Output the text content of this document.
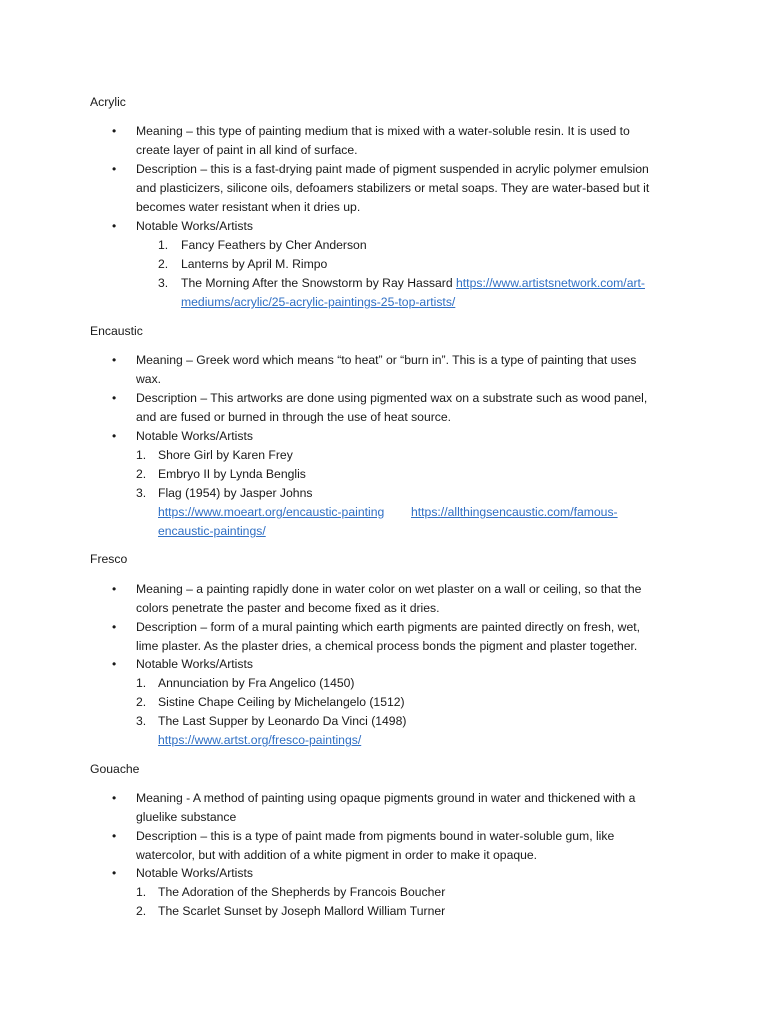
Acrylic
• Meaning – this type of painting medium that is mixed with a water-soluble resin. It is used to
create layer of paint in all kind of surface.
• Description – this is a fast-drying paint made of pigment suspended in acrylic polymer emulsion
and plasticizers, silicone oils, defoamers stabilizers or metal soaps. They are water-based but it
becomes water resistant when it dries up.
• Notable Works/Artists
1. Fancy Feathers by Cher Anderson
2. Lanterns by April M. Rimpo
3. The Morning After the Snowstorm by Ray Hassard https://www.artistsnetwork.com/art-
mediums/acrylic/25-acrylic-paintings-25-top-artists/
Encaustic
• Meaning – Greek word which means “to heat” or “burn in”. This is a type of painting that uses
wax.
• Description – This artworks are done using pigmented wax on a substrate such as wood panel,
and are fused or burned in through the use of heat source.
• Notable Works/Artists
1. Shore Girl by Karen Frey
2. Embryo II by Lynda Benglis
3. Flag (1954) by Jasper Johns
https://www.moeart.org/encaustic-painting https://allthingsencaustic.com/famous-
encaustic-paintings/
Fresco
• Meaning – a painting rapidly done in water color on wet plaster on a wall or ceiling, so that the
colors penetrate the paster and become fixed as it dries.
• Description – form of a mural painting which earth pigments are painted directly on fresh, wet,
lime plaster. As the plaster dries, a chemical process bonds the pigment and plaster together.
• Notable Works/Artists
1. Annunciation by Fra Angelico (1450)
2. Sistine Chape Ceiling by Michelangelo (1512)
3. The Last Supper by Leonardo Da Vinci (1498)
https://www.artst.org/fresco-paintings/
Gouache
• Meaning - A method of painting using opaque pigments ground in water and thickened with a
gluelike substance
• Description – this is a type of paint made from pigments bound in water-soluble gum, like
watercolor, but with addition of a white pigment in order to make it opaque.
• Notable Works/Artists
1. The Adoration of the Shepherds by Francois Boucher
2. The Scarlet Sunset by Joseph Mallord William Turner
